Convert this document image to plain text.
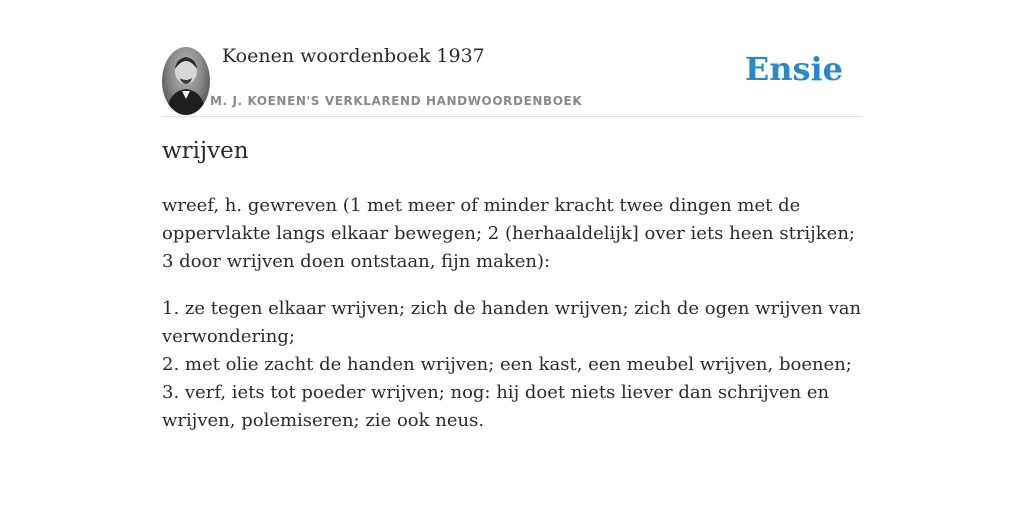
Koenen woordenboek 1937
M. J. KOENEN'S VERKLAREND HANDWOORDENBOEK
Ensie
wrijven

wreef, h. gewreven (1 met meer of minder kracht twee dingen met de oppervlakte langs elkaar bewegen; 2 (herhaaldelijk] over iets heen strijken; 3 door wrijven doen ontstaan, fijn maken):

1. ze tegen elkaar wrijven; zich de handen wrijven; zich de ogen wrijven van verwondering;
2. met olie zacht de handen wrijven; een kast, een meubel wrijven, boenen;
3. verf, iets tot poeder wrijven; nog: hij doet niets liever dan schrijven en wrijven, polemiseren; zie ook neus.
